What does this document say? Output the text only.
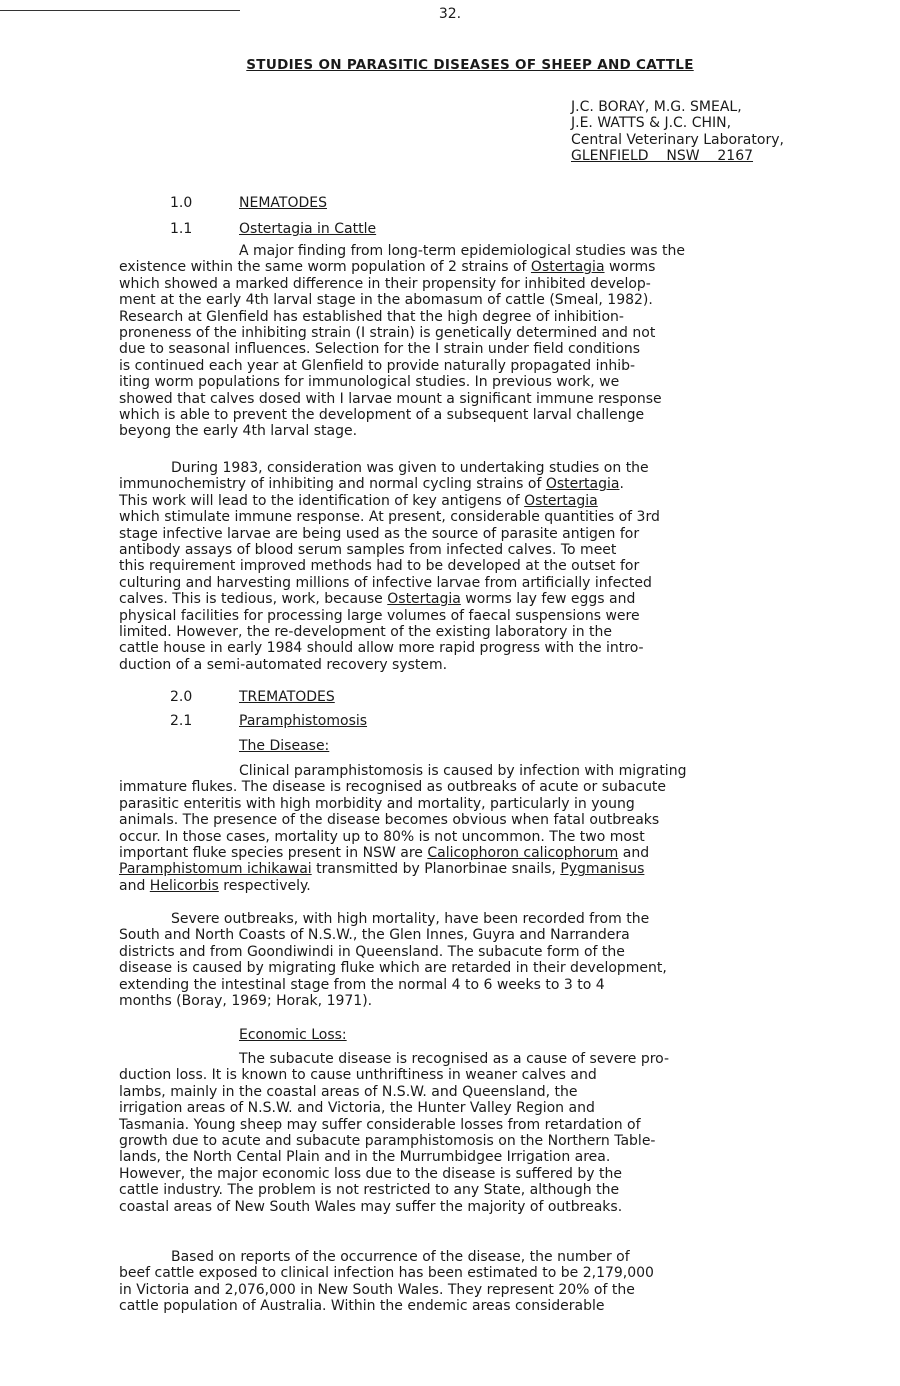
32.
STUDIES ON PARASITIC DISEASES OF SHEEP AND CATTLE
J.C. BORAY, M.G. SMEAL,
J.E. WATTS & J.C. CHIN,
Central Veterinary Laboratory,
GLENFIELD    NSW    2167
1.0	NEMATODES
1.1	Ostertagia in Cattle
A major finding from long-term epidemiological studies was the
existence within the same worm population of 2 strains of Ostertagia worms
which showed a marked difference in their propensity for inhibited develop-
ment at the early 4th larval stage in the abomasum of cattle (Smeal, 1982).
Research at Glenfield has established that the high degree of inhibition-
proneness of the inhibiting strain (I strain) is genetically determined and not
due to seasonal influences. Selection for the I strain under field conditions
is continued each year at Glenfield to provide naturally propagated inhib-
iting worm populations for immunological studies. In previous work, we
showed that calves dosed with I larvae mount a significant immune response
which is able to prevent the development of a subsequent larval challenge
beyong the early 4th larval stage.
During 1983, consideration was given to undertaking studies on the
immunochemistry of inhibiting and normal cycling strains of Ostertagia.
This work will lead to the identification of key antigens of Ostertagia
which stimulate immune response. At present, considerable quantities of 3rd
stage infective larvae are being used as the source of parasite antigen for
antibody assays of blood serum samples from infected calves. To meet
this requirement improved methods had to be developed at the outset for
culturing and harvesting millions of infective larvae from artificially infected
calves. This is tedious, work, because Ostertagia worms lay few eggs and
physical facilities for processing large volumes of faecal suspensions were
limited. However, the re-development of the existing laboratory in the
cattle house in early 1984 should allow more rapid progress with the intro-
duction of a semi-automated recovery system.
2.0	TREMATODES
2.1	Paramphistomosis
The Disease:
Clinical paramphistomosis is caused by infection with migrating
immature flukes. The disease is recognised as outbreaks of acute or subacute
parasitic enteritis with high morbidity and mortality, particularly in young
animals. The presence of the disease becomes obvious when fatal outbreaks
occur. In those cases, mortality up to 80% is not uncommon. The two most
important fluke species present in NSW are Calicophoron calicophorum and
Paramphistomum ichikawai transmitted by Planorbinae snails, Pygmanisus
and Helicorbis respectively.
Severe outbreaks, with high mortality, have been recorded from the
South and North Coasts of N.S.W., the Glen Innes, Guyra and Narrandera
districts and from Goondiwindi in Queensland. The subacute form of the
disease is caused by migrating fluke which are retarded in their development,
extending the intestinal stage from the normal 4 to 6 weeks to 3 to 4
months (Boray, 1969; Horak, 1971).
Economic Loss:
The subacute disease is recognised as a cause of severe pro-
duction loss. It is known to cause unthriftiness in weaner calves and
lambs, mainly in the coastal areas of N.S.W. and Queensland, the
irrigation areas of N.S.W. and Victoria, the Hunter Valley Region and
Tasmania. Young sheep may suffer considerable losses from retardation of
growth due to acute and subacute paramphistomosis on the Northern Table-
lands, the North Cental Plain and in the Murrumbidgee Irrigation area.
However, the major economic loss due to the disease is suffered by the
cattle industry. The problem is not restricted to any State, although the
coastal areas of New South Wales may suffer the majority of outbreaks.
Based on reports of the occurrence of the disease, the number of
beef cattle exposed to clinical infection has been estimated to be 2,179,000
in Victoria and 2,076,000 in New South Wales. They represent 20% of the
cattle population of Australia. Within the endemic areas considerable
